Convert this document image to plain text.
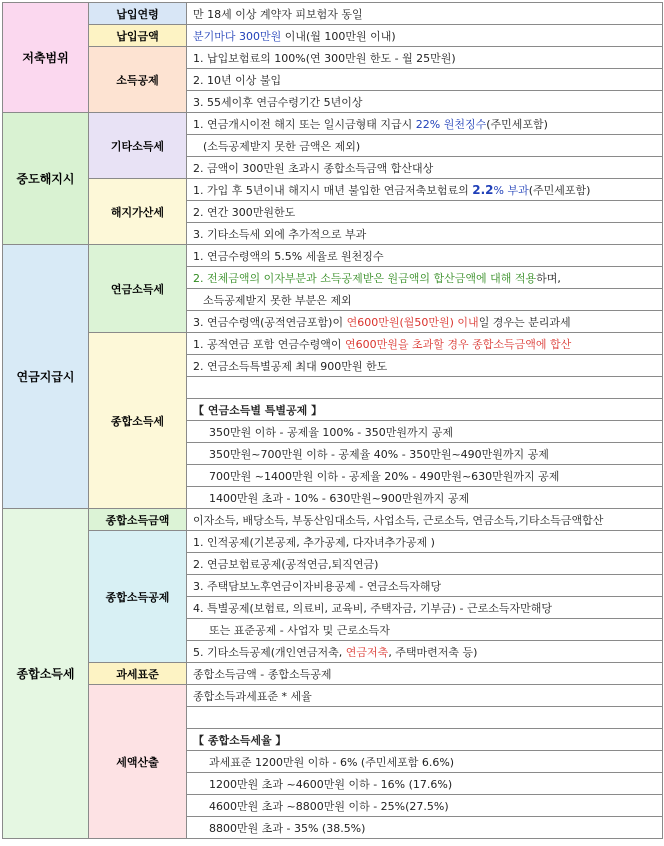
저축범위	납입연령	만 18세 이상 계약자 피보험자 동일
	납입금액	분기마다 300만원 이내(월 100만원 이내)
	소득공제	1. 납입보험료의 100%(연 300만원 한도 - 월 25만원)
		2. 10년 이상 불입
		3. 55세이후 연금수령기간 5년이상
중도해지시	기타소득세	1. 연금개시이전 해지 또는 일시금형태 지급시 22% 원천징수(주민세포함)
		(소득공제받지 못한 금액은 제외)
		2. 금액이 300만원 초과시 종합소득금액 합산대상
	해지가산세	1. 가입 후 5년이내 해지시 매년 불입한 연금저축보험료의 2.2% 부과(주민세포함)
		2. 연간 300만원한도
		3. 기타소득세 외에 추가적으로 부과
연금지급시	연금소득세	1. 연금수령액의 5.5% 세율로 원천징수
		2. 전체금액의 이자부분과 소득공제받은 원금액의 합산금액에 대해 적용하며,
		소득공제받지 못한 부분은 제외
		3. 연금수령액(공적연금포함)이 연600만원(월50만원) 이내일 경우는 분리과세
	종합소득세	1. 공적연금 포함 연금수령액이 연600만원을 초과할 경우 종합소득금액에 합산
		2. 연금소득특별공제 최대 900만원 한도

		【 연금소득별 특별공제 】
		350만원 이하 - 공제율 100% - 350만원까지 공제
		350만원~700만원 이하 - 공제율 40% - 350만원~490만원까지 공제
		700만원 ~1400만원 이하 - 공제율 20% - 490만원~630만원까지 공제
		1400만원 초과 - 10% - 630만원~900만원까지 공제
종합소득세	종합소득금액	이자소득, 배당소득, 부동산임대소득, 사업소득, 근로소득, 연금소득,기타소득금액합산
	종합소득공제	1. 인적공제(기본공제, 추가공제, 다자녀추가공제 )
		2. 연금보험료공제(공적연금,퇴직연금)
		3. 주택담보노후연금이자비용공제 - 연금소득자해당
		4. 특별공제(보험료, 의료비, 교육비, 주택자금, 기부금) - 근로소득자만해당
		또는 표준공제 - 사업자 및 근로소득자
		5. 기타소득공제(개인연금저축, 연금저축, 주택마련저축 등)
	과세표준	종합소득금액 - 종합소득공제
	세액산출	종합소득과세표준 * 세율

		【 종합소득세율 】
		과세표준 1200만원 이하 - 6% (주민세포함 6.6%)
		1200만원 초과 ~4600만원 이하 - 16% (17.6%)
		4600만원 초과 ~8800만원 이하 - 25%(27.5%)
		8800만원 초과 - 35% (38.5%)
